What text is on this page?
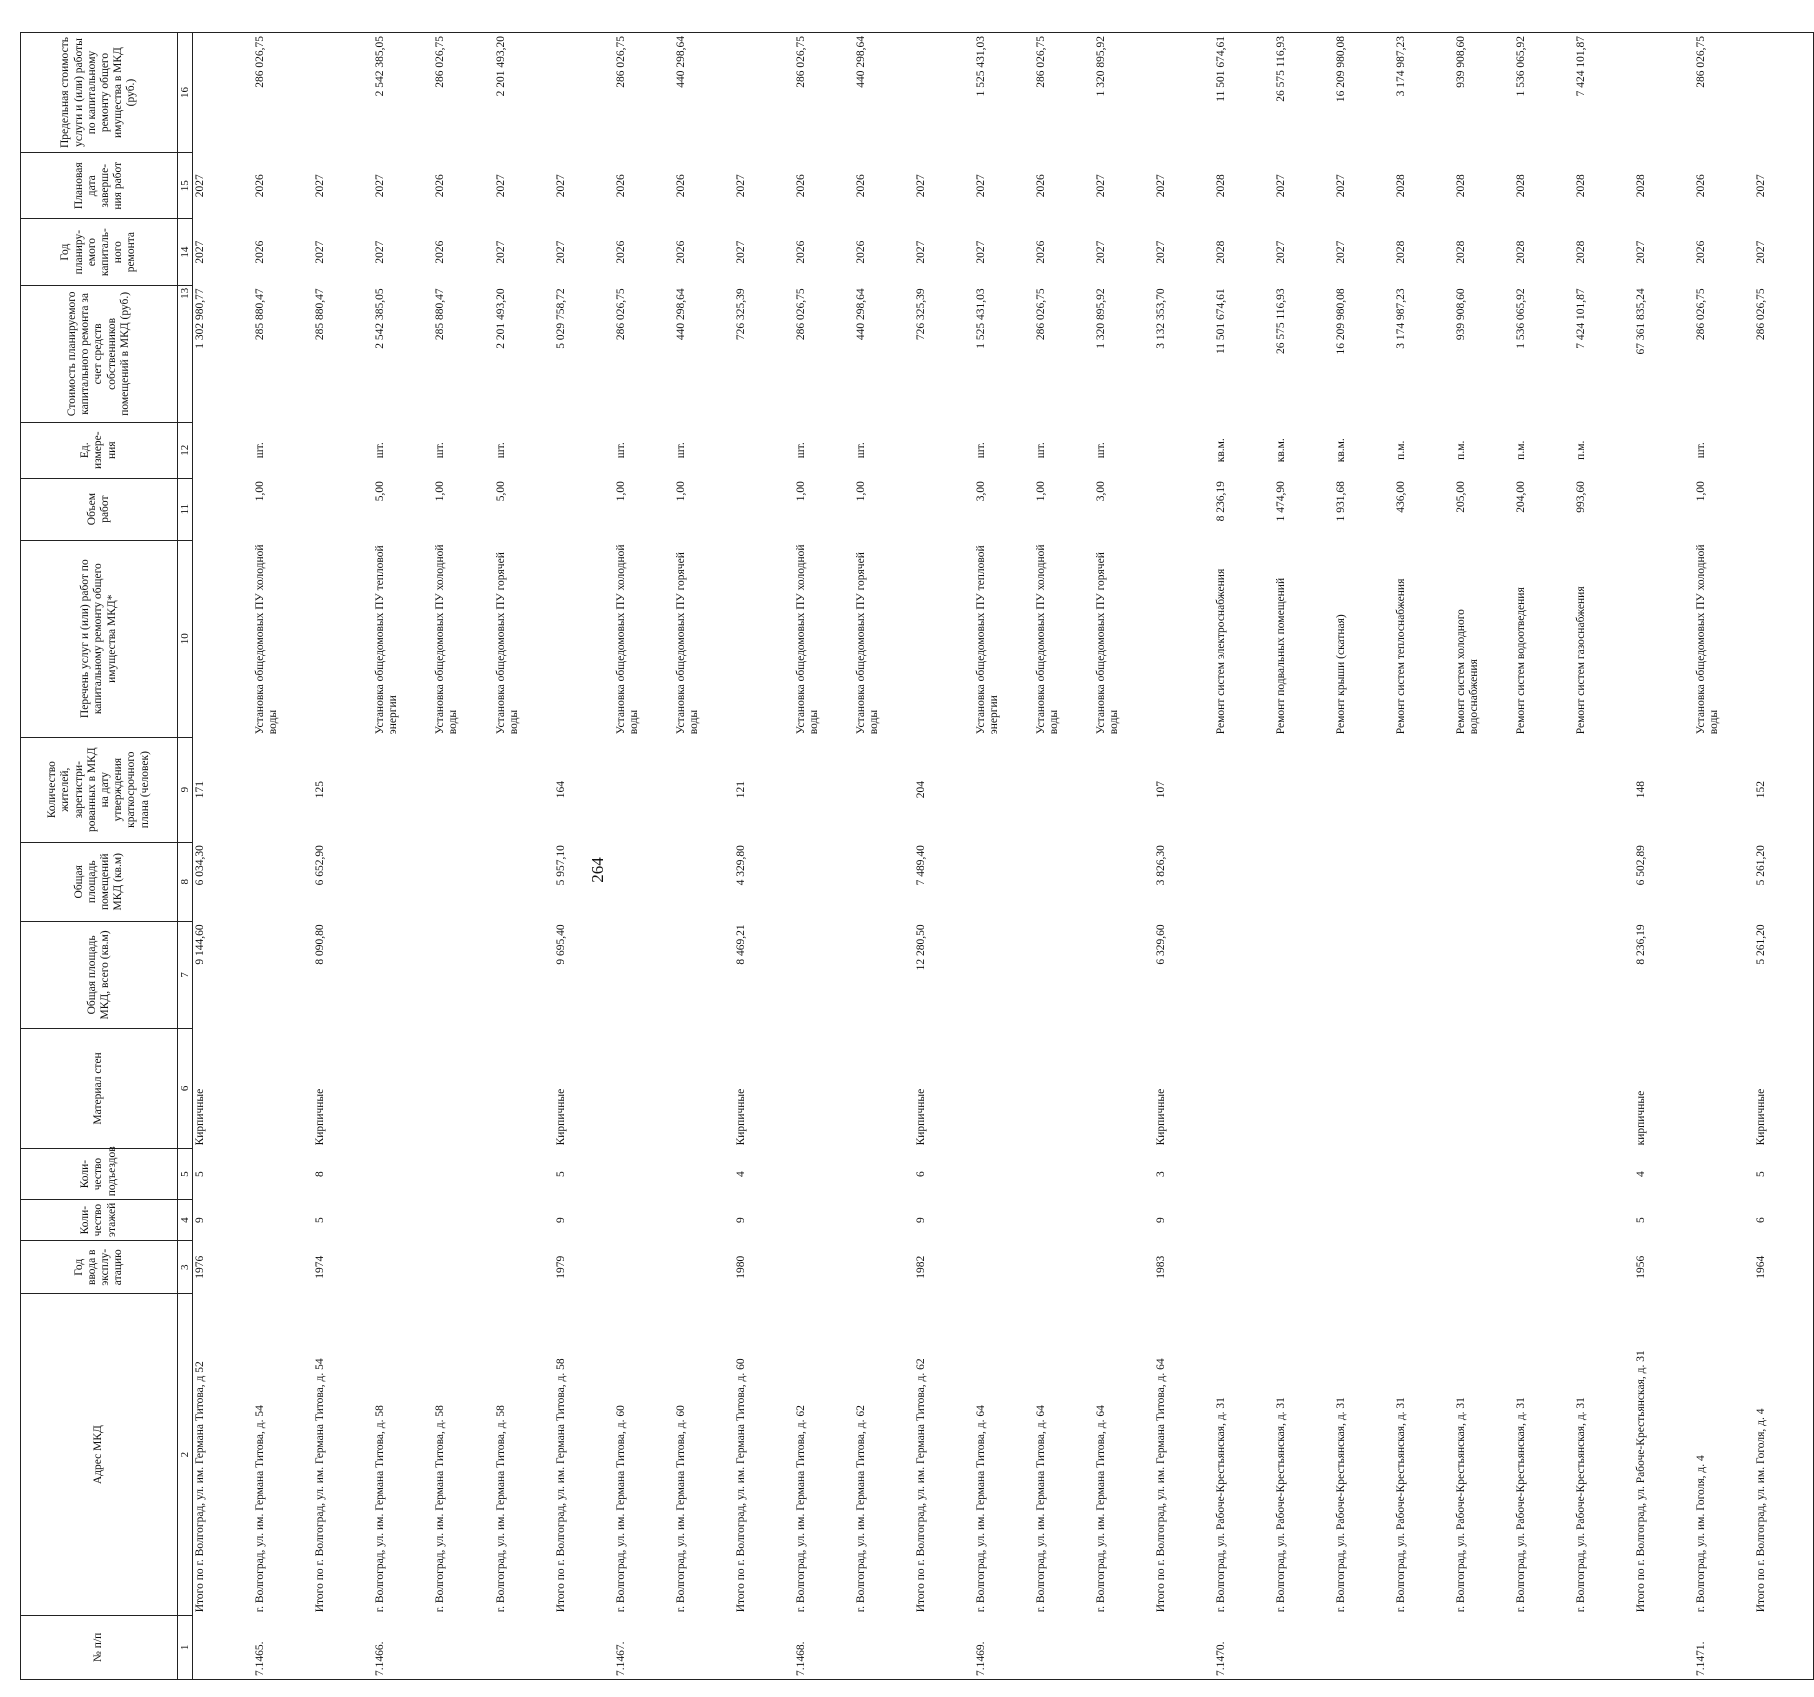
264
№ п/п	Адрес МКД	Год ввода в эксплу-атацию	Коли-чество этажей	Коли-чество подъездов	Материал стен	Общая площадь МКД, всего (кв.м)	Общая площадь помещений МКД (кв.м)	Количество жителей, зарегистри-рованных в МКД на дату утверждения краткосрочного плана (человек)	Перечень услуг и (или) работ по капитальному ремонту общего имущества МКД*	Объем работ	Ед. измере-ния	Стоимость планируемого капитального ремонта за счет средств собственников помещений в МКД (руб.)	Год планиру-емого капиталь-ного ремонта	Плановая дата заверше-ния работ	Предельная стоимость услуги и (или) работы по капитальному ремонту общего имущества в МКД (руб.)
1	2	3	4	5	6	7	8	9	10	11	12	13	14	15	16
	Итого по г. Волгоград, ул. им. Германа Титова, д 52	1976	9	5	Кирпичные	9 144,60	6 034,30	171				1 302 980,77	2027	2027	
7.1465.	г. Волгоград, ул. им. Германа Титова, д. 54								Установка общедомовых ПУ холодной воды	1,00	шт.	285 880,47	2026	2026	286 026,75
	Итого по г. Волгоград, ул. им. Германа Титова, д. 54	1974	5	8	Кирпичные	8 090,80	6 652,90	125				285 880,47	2027	2027	
7.1466.	г. Волгоград, ул. им. Германа Титова, д. 58								Установка общедомовых ПУ тепловой энергии	5,00	шт.	2 542 385,05	2027	2027	2 542 385,05
	г. Волгоград, ул. им. Германа Титова, д. 58								Установка общедомовых ПУ холодной воды	1,00	шт.	285 880,47	2026	2026	286 026,75
	г. Волгоград, ул. им. Германа Титова, д. 58								Установка общедомовых ПУ горячей воды	5,00	шт.	2 201 493,20	2027	2027	2 201 493,20
	Итого по г. Волгоград, ул. им. Германа Титова, д. 58	1979	9	5	Кирпичные	9 695,40	5 957,10	164				5 029 758,72	2027	2027	
7.1467.	г. Волгоград, ул. им. Германа Титова, д. 60								Установка общедомовых ПУ холодной воды	1,00	шт.	286 026,75	2026	2026	286 026,75
	г. Волгоград, ул. им. Германа Титова, д. 60								Установка общедомовых ПУ горячей воды	1,00	шт.	440 298,64	2026	2026	440 298,64
	Итого по г. Волгоград, ул. им. Германа Титова, д. 60	1980	9	4	Кирпичные	8 469,21	4 329,80	121				726 325,39	2027	2027	
7.1468.	г. Волгоград, ул. им. Германа Титова, д. 62								Установка общедомовых ПУ холодной воды	1,00	шт.	286 026,75	2026	2026	286 026,75
	г. Волгоград, ул. им. Германа Титова, д. 62								Установка общедомовых ПУ горячей воды	1,00	шт.	440 298,64	2026	2026	440 298,64
	Итого по г. Волгоград, ул. им. Германа Титова, д. 62	1982	9	6	Кирпичные	12 280,50	7 489,40	204				726 325,39	2027	2027	
7.1469.	г. Волгоград, ул. им. Германа Титова, д. 64								Установка общедомовых ПУ тепловой энергии	3,00	шт.	1 525 431,03	2027	2027	1 525 431,03
	г. Волгоград, ул. им. Германа Титова, д. 64								Установка общедомовых ПУ холодной воды	1,00	шт.	286 026,75	2026	2026	286 026,75
	г. Волгоград, ул. им. Германа Титова, д. 64								Установка общедомовых ПУ горячей воды	3,00	шт.	1 320 895,92	2027	2027	1 320 895,92
	Итого по г. Волгоград, ул. им. Германа Титова, д. 64	1983	9	3	Кирпичные	6 329,60	3 826,30	107				3 132 353,70	2027	2027	
7.1470.	г. Волгоград, ул. Рабоче-Крестьянская, д. 31								Ремонт систем электроснабжения	8 236,19	кв.м.	11 501 674,61	2028	2028	11 501 674,61
	г. Волгоград, ул. Рабоче-Крестьянская, д. 31								Ремонт подвальных помещений	1 474,90	кв.м.	26 575 116,93	2027	2027	26 575 116,93
	г. Волгоград, ул. Рабоче-Крестьянская, д. 31								Ремонт крыши (скатная)	1 931,68	кв.м.	16 209 980,08	2027	2027	16 209 980,08
	г. Волгоград, ул. Рабоче-Крестьянская, д. 31								Ремонт систем теплоснабжения	436,00	п.м.	3 174 987,23	2028	2028	3 174 987,23
	г. Волгоград, ул. Рабоче-Крестьянская, д. 31								Ремонт систем холодного водоснабжения	205,00	п.м.	939 908,60	2028	2028	939 908,60
	г. Волгоград, ул. Рабоче-Крестьянская, д. 31								Ремонт систем водоотведения	204,00	п.м.	1 536 065,92	2028	2028	1 536 065,92
	г. Волгоград, ул. Рабоче-Крестьянская, д. 31								Ремонт систем газоснабжения	993,60	п.м.	7 424 101,87	2028	2028	7 424 101,87
	Итого по г. Волгоград, ул. Рабоче-Крестьянская, д. 31	1956	5	4	кирпичные	8 236,19	6 502,89	148				67 361 835,24	2027	2028	
7.1471.	г. Волгоград, ул. им. Гоголя, д. 4								Установка общедомовых ПУ холодной воды	1,00	шт.	286 026,75	2026	2026	286 026,75
	Итого по г. Волгоград, ул. им. Гоголя, д. 4	1964	6	5	Кирпичные	5 261,20	5 261,20	152				286 026,75	2027	2027	
